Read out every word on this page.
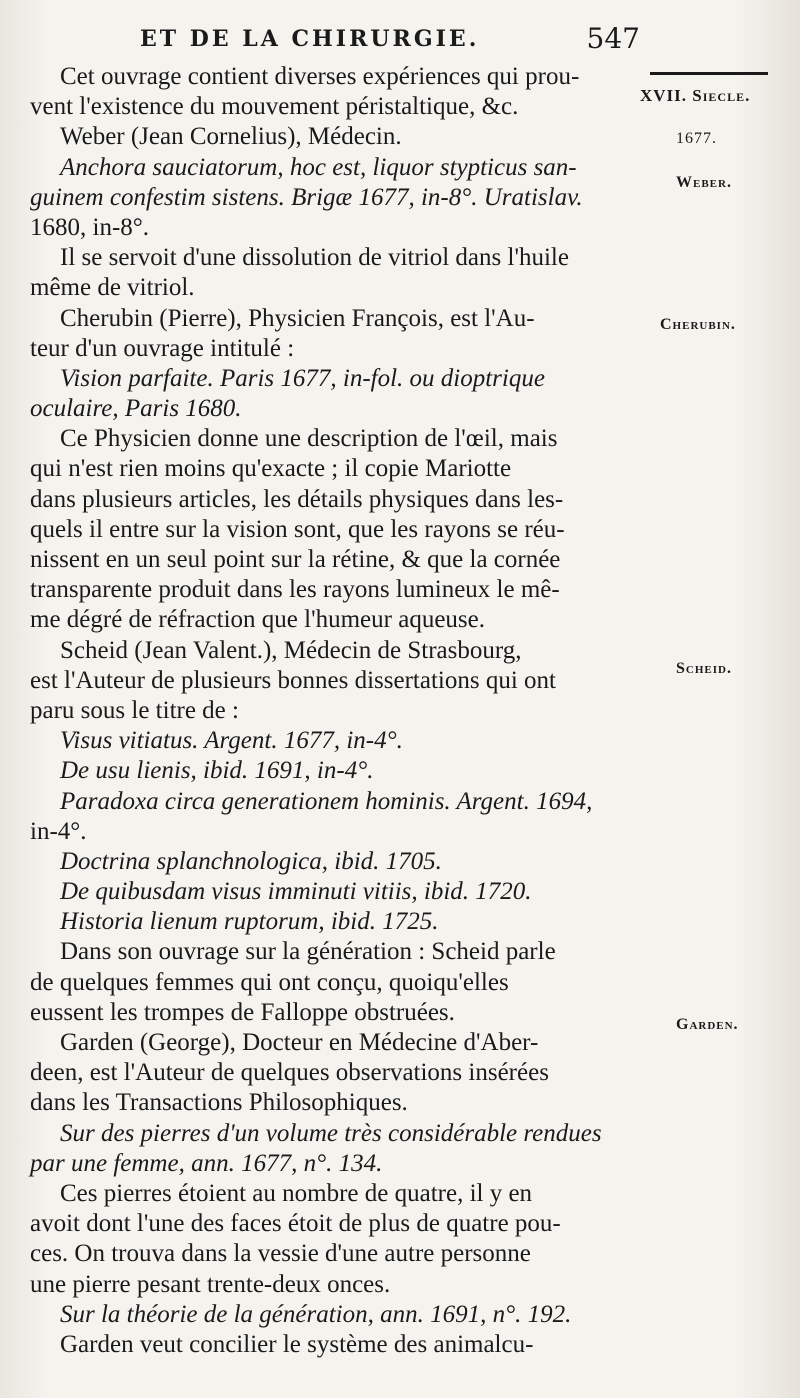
ET DE LA CHIRURGIE.	547
XVII. Siecle.
1677.
Weber.
Cherubin.
Scheid.
Garden.
Cet ouvrage contient diverses expériences qui prou-
vent l'existence du mouvement péristaltique, &c.
Weber (Jean Cornelius), Médecin.
Anchora sauciatorum, hoc est, liquor stypticus san-
guinem confestim sistens. Brigæ 1677, in-8°. Uratislav.
1680, in-8°.
Il se servoit d'une dissolution de vitriol dans l'huile
même de vitriol.
Cherubin (Pierre), Physicien François, est l'Au-
teur d'un ouvrage intitulé :
Vision parfaite. Paris 1677, in-fol. ou dioptrique
oculaire, Paris 1680.
Ce Physicien donne une description de l'œil, mais
qui n'est rien moins qu'exacte ; il copie Mariotte
dans plusieurs articles, les détails physiques dans les-
quels il entre sur la vision sont, que les rayons se réu-
nissent en un seul point sur la rétine, & que la cornée
transparente produit dans les rayons lumineux le mê-
me dégré de réfraction que l'humeur aqueuse.
Scheid (Jean Valent.), Médecin de Strasbourg,
est l'Auteur de plusieurs bonnes dissertations qui ont
paru sous le titre de :
Visus vitiatus. Argent. 1677, in-4°.
De usu lienis, ibid. 1691, in-4°.
Paradoxa circa generationem hominis. Argent. 1694,
in-4°.
Doctrina splanchnologica, ibid. 1705.
De quibusdam visus imminuti vitiis, ibid. 1720.
Historia lienum ruptorum, ibid. 1725.
Dans son ouvrage sur la génération : Scheid parle
de quelques femmes qui ont conçu, quoiqu'elles
eussent les trompes de Falloppe obstruées.
Garden (George), Docteur en Médecine d'Aber-
deen, est l'Auteur de quelques observations insérées
dans les Transactions Philosophiques.
Sur des pierres d'un volume très considérable rendues
par une femme, ann. 1677, n°. 134.
Ces pierres étoient au nombre de quatre, il y en
avoit dont l'une des faces étoit de plus de quatre pou-
ces. On trouva dans la vessie d'une autre personne
une pierre pesant trente-deux onces.
Sur la théorie de la génération, ann. 1691, n°. 192.
Garden veut concilier le système des animalcu-
